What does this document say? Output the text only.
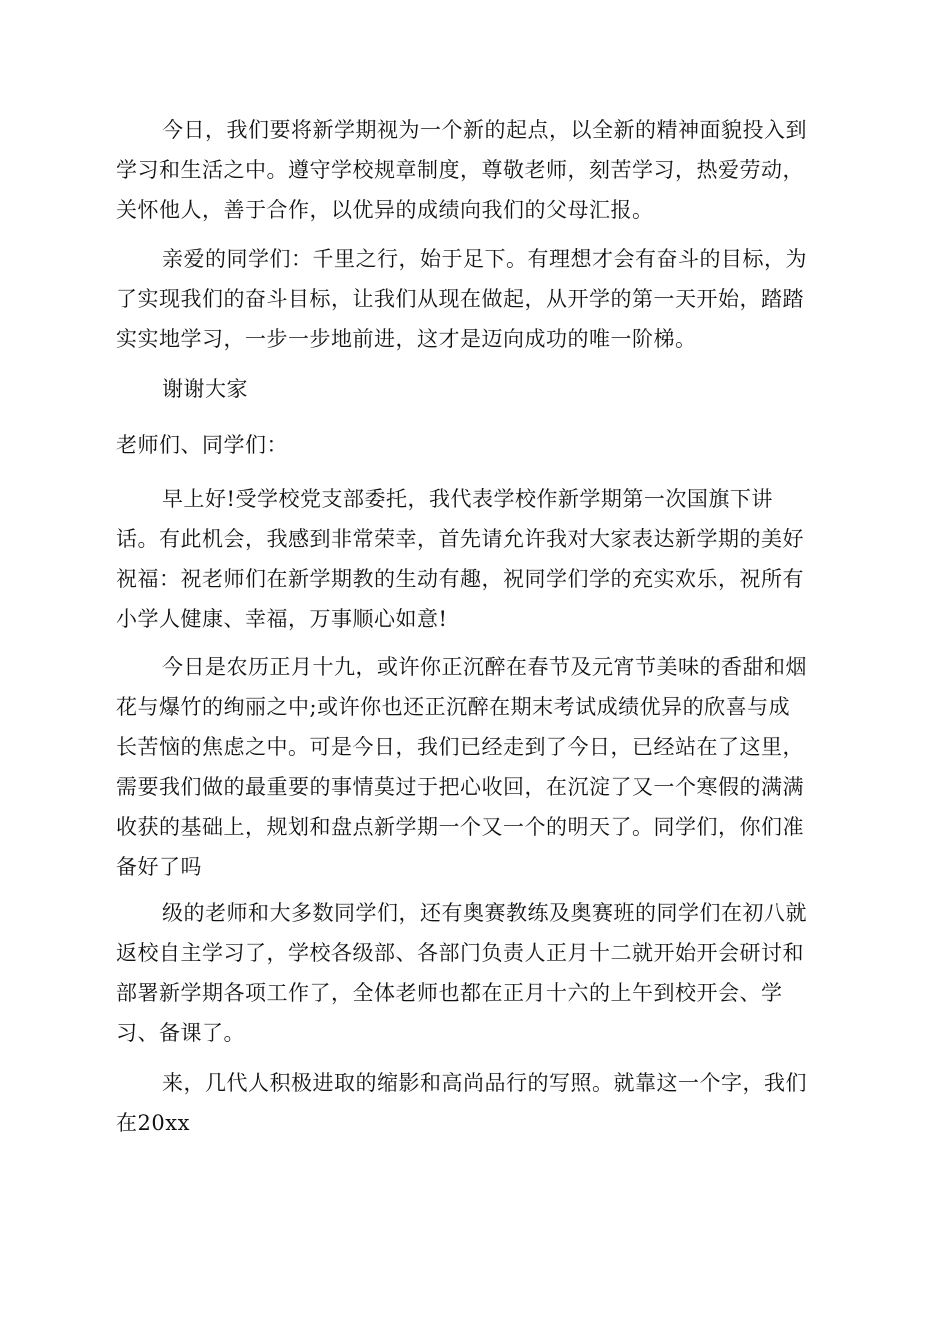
今日，我们要将新学期视为一个新的起点，以全新的精神面貌投入到
学习和生活之中。遵守学校规章制度，尊敬老师，刻苦学习，热爱劳动，
关怀他人，善于合作，以优异的成绩向我们的父母汇报。
亲爱的同学们：千里之行，始于足下。有理想才会有奋斗的目标，为
了实现我们的奋斗目标，让我们从现在做起，从开学的第一天开始，踏踏
实实地学习，一步一步地前进，这才是迈向成功的唯一阶梯。
谢谢大家
老师们、同学们：
早上好!受学校党支部委托，我代表学校作新学期第一次国旗下讲
话。有此机会，我感到非常荣幸，首先请允许我对大家表达新学期的美好
祝福：祝老师们在新学期教的生动有趣，祝同学们学的充实欢乐，祝所有
小学人健康、幸福，万事顺心如意!
今日是农历正月十九，或许你正沉醉在春节及元宵节美味的香甜和烟
花与爆竹的绚丽之中;或许你也还正沉醉在期末考试成绩优异的欣喜与成
长苦恼的焦虑之中。可是今日，我们已经走到了今日，已经站在了这里，
需要我们做的最重要的事情莫过于把心收回，在沉淀了又一个寒假的满满
收获的基础上，规划和盘点新学期一个又一个的明天了。同学们，你们准
备好了吗
级的老师和大多数同学们，还有奥赛教练及奥赛班的同学们在初八就
返校自主学习了，学校各级部、各部门负责人正月十二就开始开会研讨和
部署新学期各项工作了，全体老师也都在正月十六的上午到校开会、学
习、备课了。
来，几代人积极进取的缩影和高尚品行的写照。就靠这一个字，我们
在20xx
